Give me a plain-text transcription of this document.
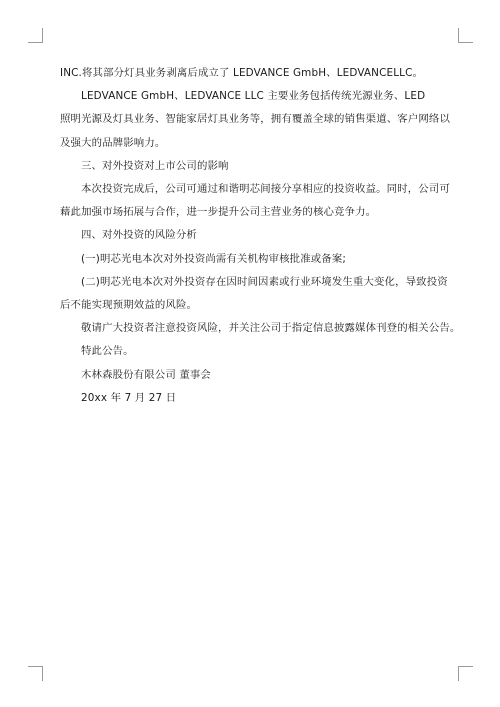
INC.将其部分灯具业务剥离后成立了 LEDVANCE GmbH、LEDVANCELLC。

LEDVANCE GmbH、LEDVANCE LLC 主要业务包括传统光源业务、LED

照明光源及灯具业务、智能家居灯具业务等，拥有覆盖全球的销售渠道、客户网络以

及强大的品牌影响力。

三、对外投资对上市公司的影响

本次投资完成后，公司可通过和谐明芯间接分享相应的投资收益。同时，公司可

藉此加强市场拓展与合作，进一步提升公司主营业务的核心竞争力。

四、对外投资的风险分析

(一)明芯光电本次对外投资尚需有关机构审核批准或备案;

(二)明芯光电本次对外投资存在因时间因素或行业环境发生重大变化，导致投资

后不能实现预期效益的风险。

敬请广大投资者注意投资风险，并关注公司于指定信息披露媒体刊登的相关公告。

特此公告。

木林森股份有限公司 董事会

20xx 年 7 月 27 日
